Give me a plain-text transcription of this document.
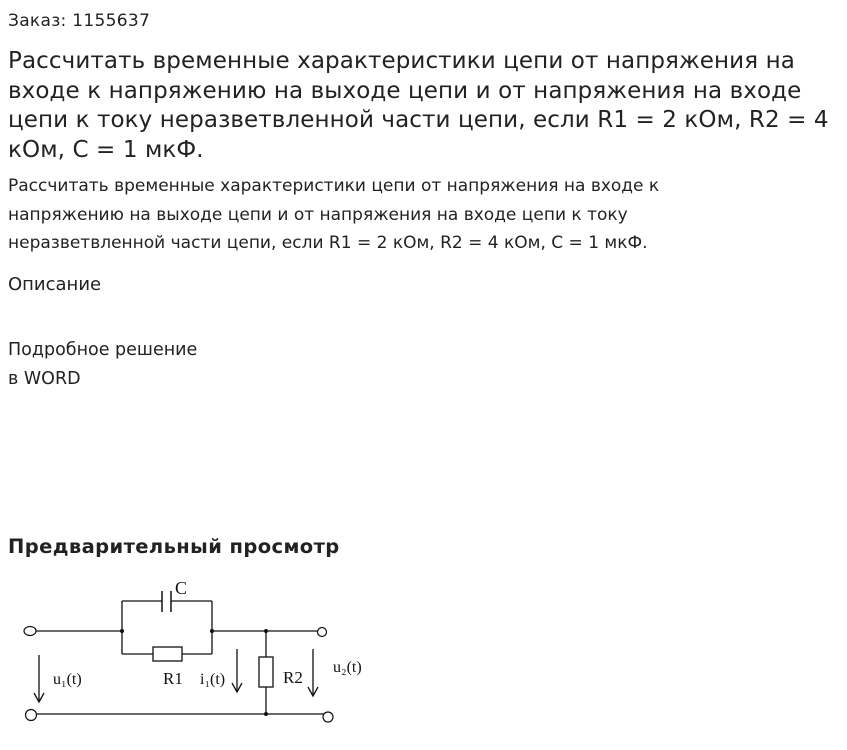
Заказ: 1155637
Рассчитать временные характеристики цепи от напряжения на входе к напряжению на выходе цепи и от напряжения на входе цепи к току неразветвленной части цепи, если R1 = 2 кОм, R2 = 4 кОм, С = 1 мкФ.

Рассчитать временные характеристики цепи от напряжения на входе к напряжению на выходе цепи и от напряжения на входе цепи к току неразветвленной части цепи, если R1 = 2 кОм, R2 = 4 кОм, С = 1 мкФ.

Описание
Подробное решение
в WORD
Предварительный просмотр
C
R1	R2
u₁(t)	i₁(t)
u₂(t)
